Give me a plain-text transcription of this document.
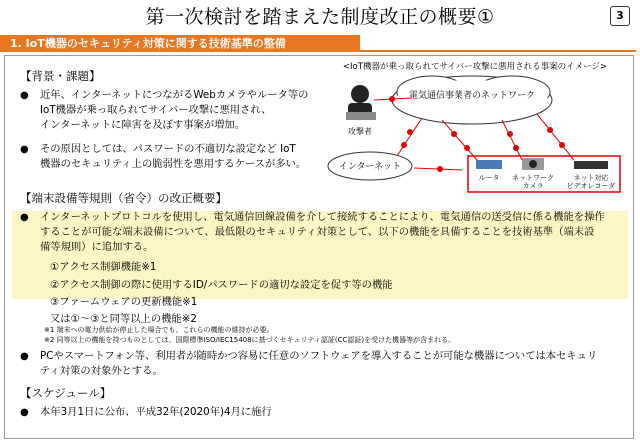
第一次検討を踏まえた制度改正の概要①	3
1. IoT機器のセキュリティ対策に関する技術基準の整備
【背景・課題】
● 近年、インターネットにつながるWebカメラやルータ等の
IoT機器が乗っ取られてサイバー攻撃に悪用され、
インターネットに障害を及ぼす事案が増加。
● その原因としては、パスワードの不適切な設定など IoT
機器のセキュリティ上の脆弱性を悪用するケースが多い。
<IoT機器が乗っ取られてサイバー攻撃に悪用される事案のイメージ>
電気通信事業者のネットワーク
攻撃者
インターネット
ルータ ネットワーク
カメラ
ネット対応
ビデオレコーダ
【端末設備等規則（省令）の改正概要】
● インターネットプロトコルを使用し、電気通信回線設備を介して接続することにより、電気通信の送受信に係る機能を操作
することが可能な端末設備について、最低限のセキュリティ対策として、以下の機能を具備することを技術基準（端末設
備等規則）に追加する。
①アクセス制御機能※1
②アクセス制御の際に使用するID/パスワードの適切な設定を促す等の機能
③ファームウェアの更新機能※1
又は①～③と同等以上の機能※2
※1 端末への電力供給が停止した場合でも、これらの機能の維持が必要。
※2 同等以上の機能を持つものとしては、国際標準ISO/IEC15408に基づくセキュリティ認証(CC認証)を受けた機器等が含まれる。
● PCやスマートフォン等、利用者が随時かつ容易に任意のソフトウェアを導入することが可能な機器については本セキュリ
ティ対策の対象外とする。
【スケジュール】
● 本年3月1日に公布、平成32年(2020年)4月に施行
